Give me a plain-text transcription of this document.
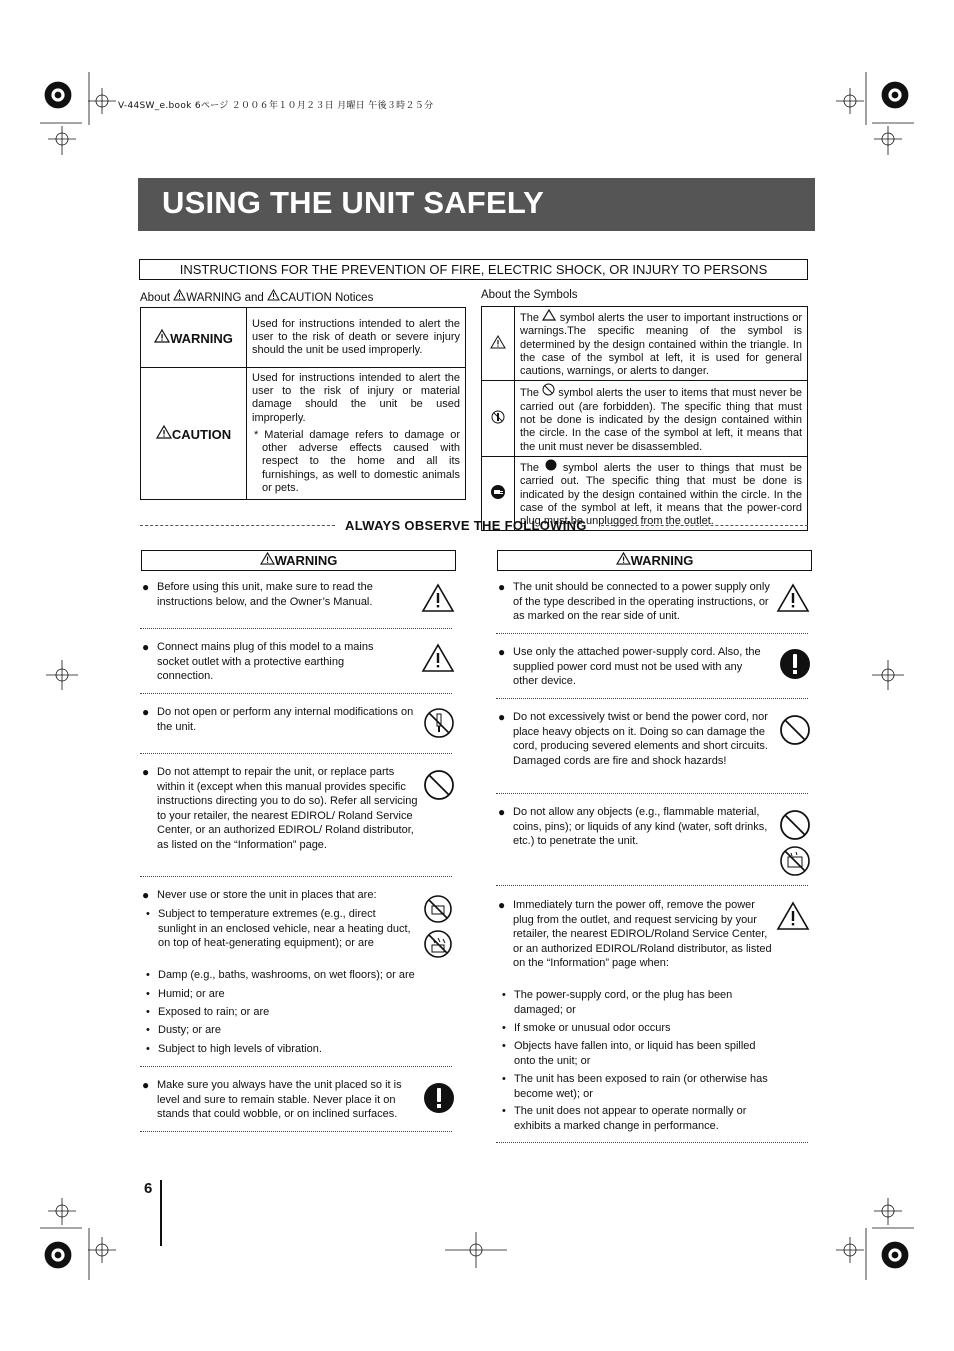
V-44SW_e.book 6ページ ２００６年１０月２３日 月曜日 午後３時２５分
USING THE UNIT SAFELY
INSTRUCTIONS FOR THE PREVENTION OF FIRE, ELECTRIC SHOCK, OR INJURY TO PERSONS
About WARNING and CAUTION Notices
WARNING	Used for instructions intended to alert the user to the risk of death or severe injury should the unit be used improperly.
CAUTION	Used for instructions intended to alert the user to the risk of injury or material damage should the unit be used improperly.
* Material damage refers to damage or other adverse effects caused with respect to the home and all its furnishings, as well to domestic animals or pets.
About the Symbols
	The symbol alerts the user to important instructions or warnings.The specific meaning of the symbol is determined by the design contained within the triangle. In the case of the symbol at left, it is used for general cautions, warnings, or alerts to danger.
	The symbol alerts the user to items that must never be carried out (are forbidden). The specific thing that must not be done is indicated by the design contained within the circle. In the case of the symbol at left, it means that the unit must never be disassembled.
	The symbol alerts the user to things that must be carried out. The specific thing that must be done is indicated by the design contained within the circle. In the case of the symbol at left, it means that the power-cord plug must be unplugged from the outlet.
ALWAYS OBSERVE THE FOLLOWING
WARNING	WARNING
● Before using this unit, make sure to read the instructions below, and the Owner’s Manual.
● Connect mains plug of this model to a mains socket outlet with a protective earthing connection.
● Do not open or perform any internal modifications on the unit.
● Do not attempt to repair the unit, or replace parts within it (except when this manual provides specific instructions directing you to do so). Refer all servicing to your retailer, the nearest EDIROL/ Roland Service Center, or an authorized EDIROL/ Roland distributor, as listed on the “Information” page.
● Never use or store the unit in places that are:
• Subject to temperature extremes (e.g., direct sunlight in an enclosed vehicle, near a heating duct, on top of heat-generating equipment); or are
• Damp (e.g., baths, washrooms, on wet floors); or are
• Humid; or are
• Exposed to rain; or are
• Dusty; or are
• Subject to high levels of vibration.
● Make sure you always have the unit placed so it is level and sure to remain stable. Never place it on stands that could wobble, or on inclined surfaces.
● The unit should be connected to a power supply only of the type described in the operating instructions, or as marked on the rear side of unit.
● Use only the attached power-supply cord. Also, the supplied power cord must not be used with any other device.
● Do not excessively twist or bend the power cord, nor place heavy objects on it. Doing so can damage the cord, producing severed elements and short circuits. Damaged cords are fire and shock hazards!
● Do not allow any objects (e.g., flammable material, coins, pins); or liquids of any kind (water, soft drinks, etc.) to penetrate the unit.
● Immediately turn the power off, remove the power plug from the outlet, and request servicing by your retailer, the nearest EDIROL/Roland Service Center, or an authorized EDIROL/Roland distributor, as listed on the “Information” page when:
• The power-supply cord, or the plug has been damaged; or
• If smoke or unusual odor occurs
• Objects have fallen into, or liquid has been spilled onto the unit; or
• The unit has been exposed to rain (or otherwise has become wet); or
• The unit does not appear to operate normally or exhibits a marked change in performance.
6
